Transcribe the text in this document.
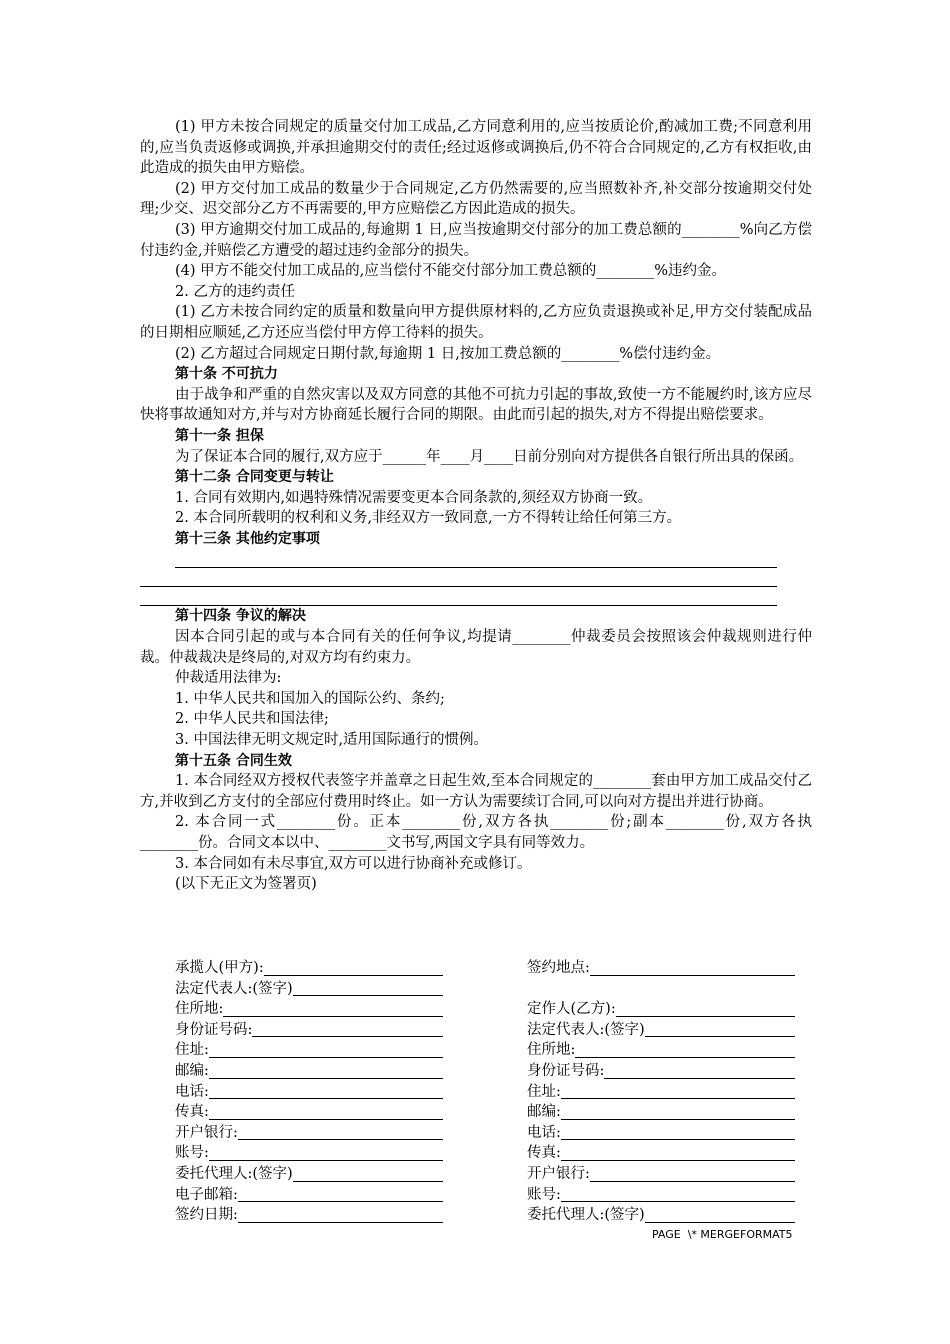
(1) 甲方未按合同规定的质量交付加工成品,乙方同意利用的,应当按质论价,酌减加工费;不同意利用的,应当负责返修或调换,并承担逾期交付的责任;经过返修或调换后,仍不符合合同规定的,乙方有权拒收,由此造成的损失由甲方赔偿。
(2) 甲方交付加工成品的数量少于合同规定,乙方仍然需要的,应当照数补齐,补交部分按逾期交付处理;少交、迟交部分乙方不再需要的,甲方应赔偿乙方因此造成的损失。
(3) 甲方逾期交付加工成品的,每逾期 1 日,应当按逾期交付部分的加工费总额的________%向乙方偿付违约金,并赔偿乙方遭受的超过违约金部分的损失。
(4) 甲方不能交付加工成品的,应当偿付不能交付部分加工费总额的________%违约金。
2. 乙方的违约责任
(1) 乙方未按合同约定的质量和数量向甲方提供原材料的,乙方应负责退换或补足,甲方交付装配成品的日期相应顺延,乙方还应当偿付甲方停工待料的损失。
(2) 乙方超过合同规定日期付款,每逾期 1 日,按加工费总额的________%偿付违约金。
第十条 不可抗力
由于战争和严重的自然灾害以及双方同意的其他不可抗力引起的事故,致使一方不能履约时,该方应尽快将事故通知对方,并与对方协商延长履行合同的期限。由此而引起的损失,对方不得提出赔偿要求。
第十一条 担保
为了保证本合同的履行,双方应于______年____月____日前分别向对方提供各自银行所出具的保函。
第十二条 合同变更与转让
1. 合同有效期内,如遇特殊情况需要变更本合同条款的,须经双方协商一致。
2. 本合同所载明的权利和义务,非经双方一致同意,一方不得转让给任何第三方。
第十三条 其他约定事项
第十四条 争议的解决
因本合同引起的或与本合同有关的任何争议,均提请________仲裁委员会按照该会仲裁规则进行仲裁。仲裁裁决是终局的,对双方均有约束力。
仲裁适用法律为:
1. 中华人民共和国加入的国际公约、条约;
2. 中华人民共和国法律;
3. 中国法律无明文规定时,适用国际通行的惯例。
第十五条 合同生效
1. 本合同经双方授权代表签字并盖章之日起生效,至本合同规定的________套由甲方加工成品交付乙方,并收到乙方支付的全部应付费用时终止。如一方认为需要续订合同,可以向对方提出并进行协商。
2. 本合同一式________份。正本________份,双方各执________份;副本________份,双方各执________份。合同文本以中、________文书写,两国文字具有同等效力。
3. 本合同如有未尽事宜,双方可以进行协商补充或修订。
(以下无正文为签署页)
承揽人(甲方):
法定代表人:(签字)
住所地:
身份证号码:
住址:
邮编:
电话:
传真:
开户银行:
账号:
委托代理人:(签字)
电子邮箱:
签约日期:
签约地点:
定作人(乙方):
法定代表人:(签字)
住所地:
身份证号码:
住址:
邮编:
电话:
传真:
开户银行:
账号:
委托代理人:(签字)
PAGE  \* MERGEFORMAT5
